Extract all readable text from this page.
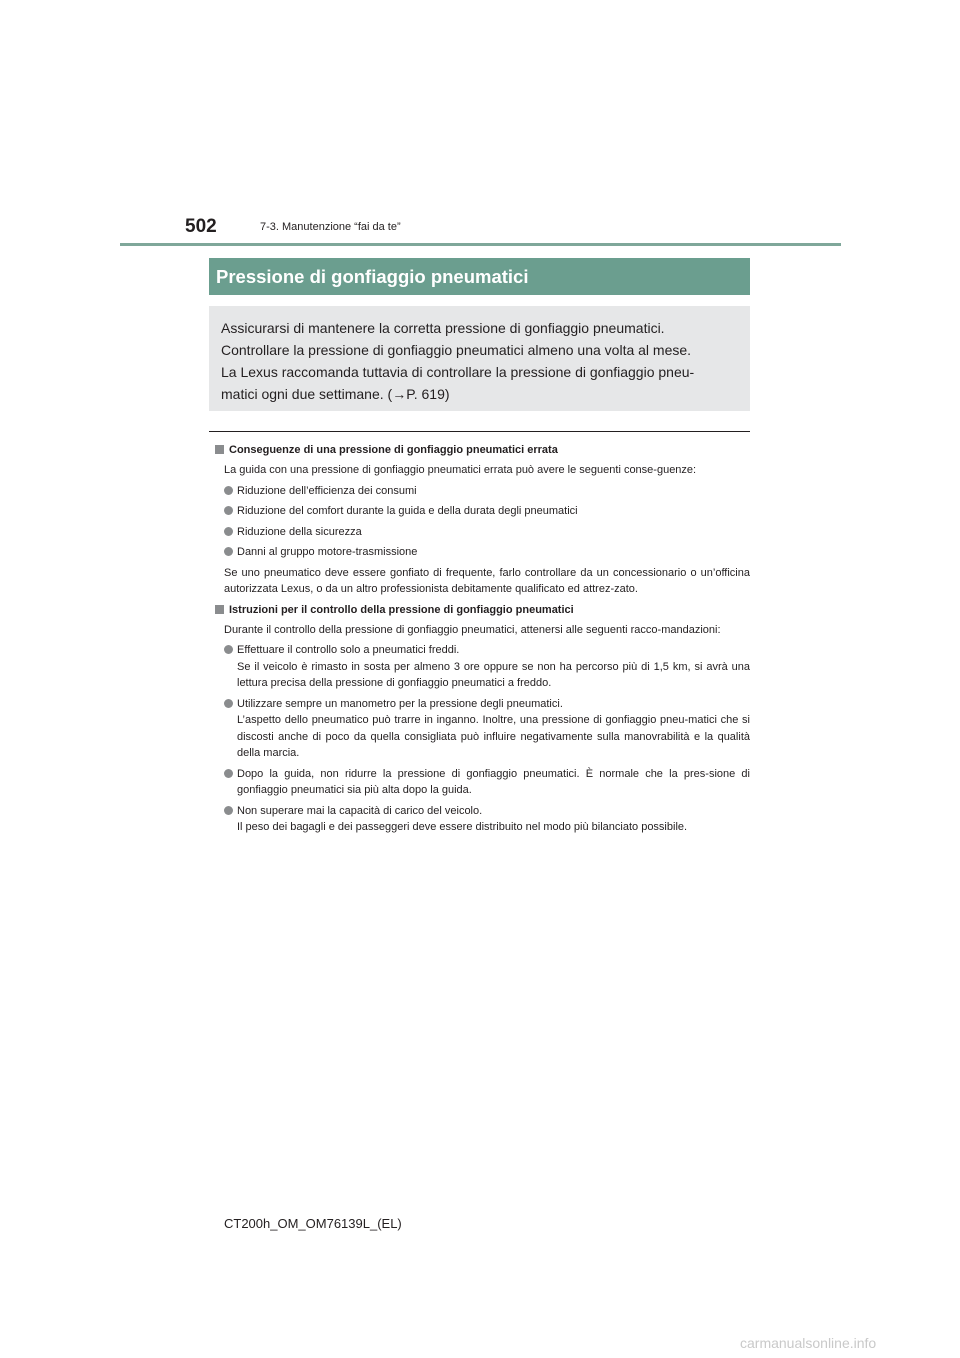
502	7-3. Manutenzione “fai da te”
Pressione di gonfiaggio pneumatici
Assicurarsi di mantenere la corretta pressione di gonfiaggio pneumatici.
Controllare la pressione di gonfiaggio pneumatici almeno una volta al mese.
La Lexus raccomanda tuttavia di controllare la pressione di gonfiaggio pneu-
matici ogni due settimane. (→P. 619)
Conseguenze di una pressione di gonfiaggio pneumatici errata

La guida con una pressione di gonfiaggio pneumatici errata può avere le seguenti conse-guenze:

Riduzione dell’efficienza dei consumi
Riduzione del comfort durante la guida e della durata degli pneumatici
Riduzione della sicurezza
Danni al gruppo motore-trasmissione

Se uno pneumatico deve essere gonfiato di frequente, farlo controllare da un concessionario o un’officina autorizzata Lexus, o da un altro professionista debitamente qualificato ed attrez-zato.

Istruzioni per il controllo della pressione di gonfiaggio pneumatici

Durante il controllo della pressione di gonfiaggio pneumatici, attenersi alle seguenti racco-mandazioni:

Effettuare il controllo solo a pneumatici freddi.
Se il veicolo è rimasto in sosta per almeno 3 ore oppure se non ha percorso più di 1,5 km, si avrà una lettura precisa della pressione di gonfiaggio pneumatici a freddo.
Utilizzare sempre un manometro per la pressione degli pneumatici.
L’aspetto dello pneumatico può trarre in inganno. Inoltre, una pressione di gonfiaggio pneu-matici che si discosti anche di poco da quella consigliata può influire negativamente sulla manovrabilità e la qualità della marcia.
Dopo la guida, non ridurre la pressione di gonfiaggio pneumatici. È normale che la pres-sione di gonfiaggio pneumatici sia più alta dopo la guida.
Non superare mai la capacità di carico del veicolo.
Il peso dei bagagli e dei passeggeri deve essere distribuito nel modo più bilanciato possibile.
CT200h_OM_OM76139L_(EL)
carmanualsonline.info
